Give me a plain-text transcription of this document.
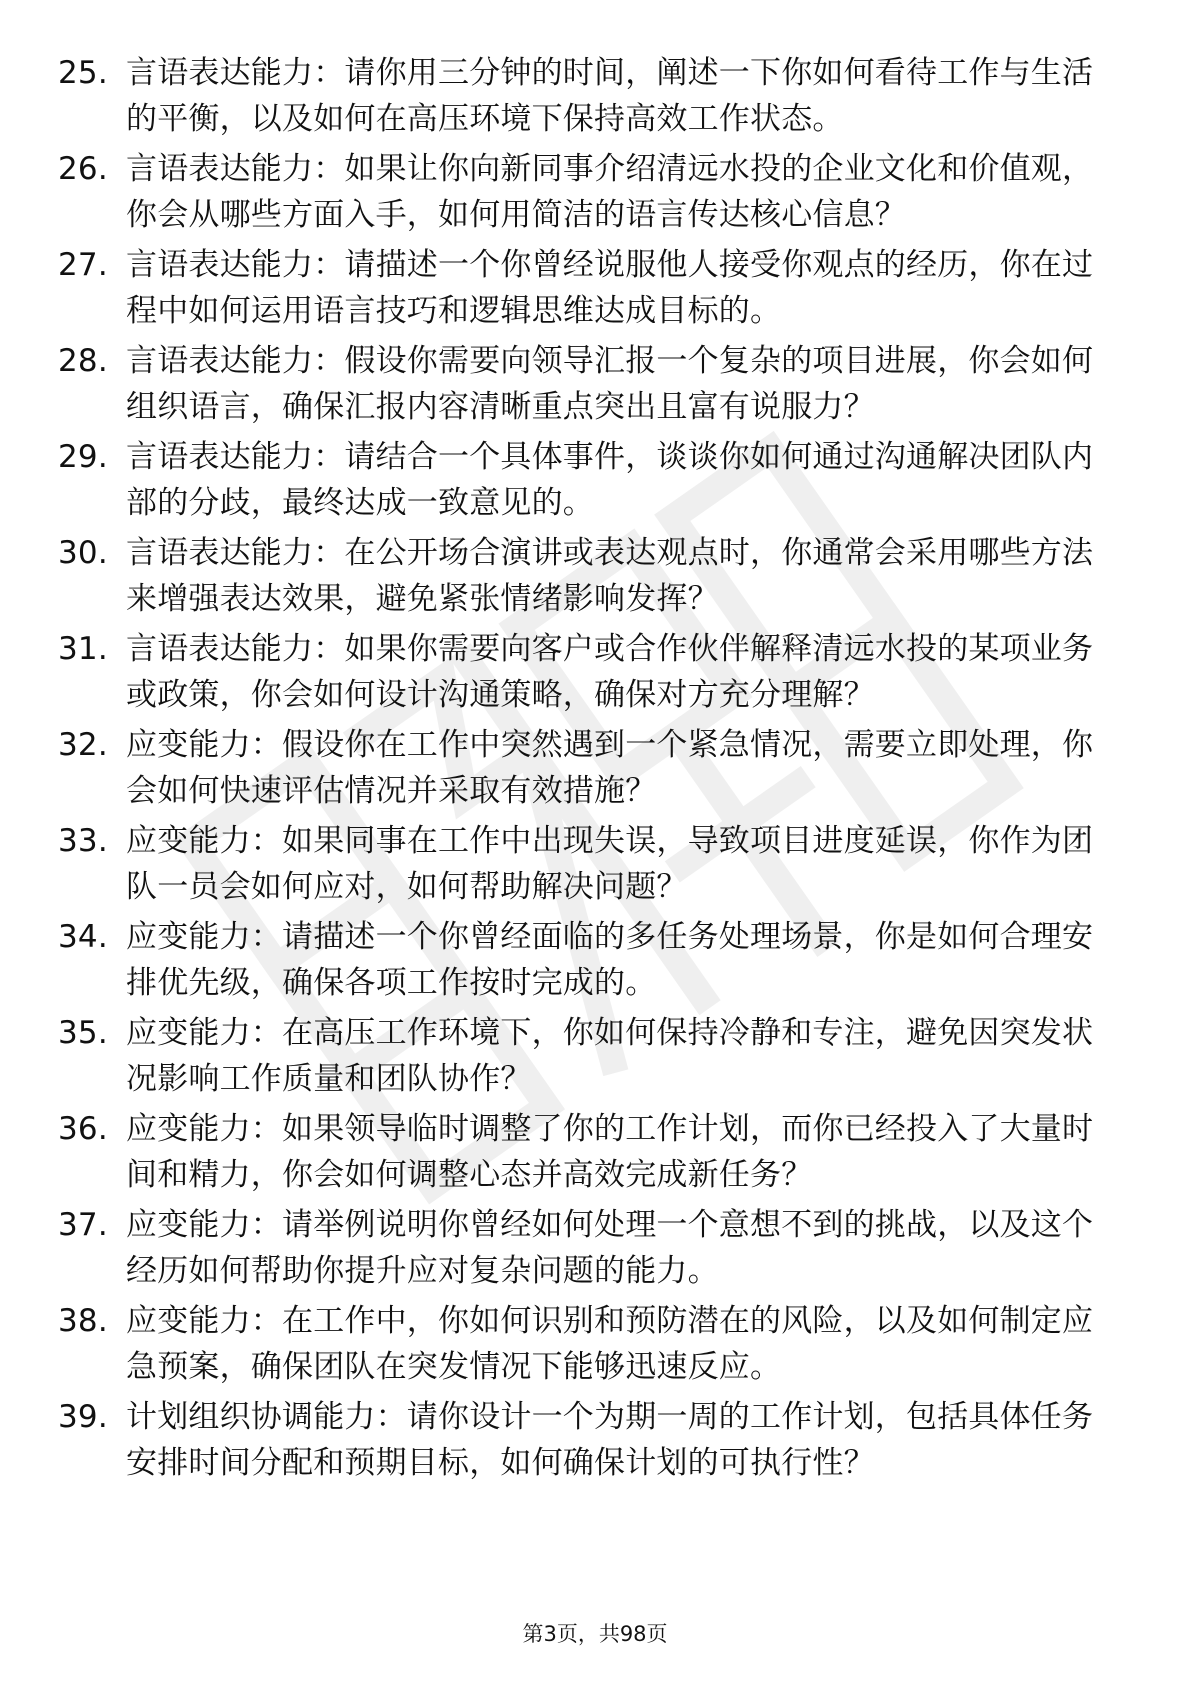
25. 言语表达能力：请你用三分钟的时间，阐述一下你如何看待工作与生活的平衡，以及如何在高压环境下保持高效工作状态。
26. 言语表达能力：如果让你向新同事介绍清远水投的企业文化和价值观，你会从哪些方面入手，如何用简洁的语言传达核心信息？
27. 言语表达能力：请描述一个你曾经说服他人接受你观点的经历，你在过程中如何运用语言技巧和逻辑思维达成目标的。
28. 言语表达能力：假设你需要向领导汇报一个复杂的项目进展，你会如何组织语言，确保汇报内容清晰重点突出且富有说服力？
29. 言语表达能力：请结合一个具体事件，谈谈你如何通过沟通解决团队内部的分歧，最终达成一致意见的。
30. 言语表达能力：在公开场合演讲或表达观点时，你通常会采用哪些方法来增强表达效果，避免紧张情绪影响发挥？
31. 言语表达能力：如果你需要向客户或合作伙伴解释清远水投的某项业务或政策，你会如何设计沟通策略，确保对方充分理解？
32. 应变能力：假设你在工作中突然遇到一个紧急情况，需要立即处理，你会如何快速评估情况并采取有效措施？
33. 应变能力：如果同事在工作中出现失误，导致项目进度延误，你作为团队一员会如何应对，如何帮助解决问题？
34. 应变能力：请描述一个你曾经面临的多任务处理场景，你是如何合理安排优先级，确保各项工作按时完成的。
35. 应变能力：在高压工作环境下，你如何保持冷静和专注，避免因突发状况影响工作质量和团队协作？
36. 应变能力：如果领导临时调整了你的工作计划，而你已经投入了大量时间和精力，你会如何调整心态并高效完成新任务？
37. 应变能力：请举例说明你曾经如何处理一个意想不到的挑战，以及这个经历如何帮助你提升应对复杂问题的能力。
38. 应变能力：在工作中，你如何识别和预防潜在的风险，以及如何制定应急预案，确保团队在突发情况下能够迅速反应。
39. 计划组织协调能力：请你设计一个为期一周的工作计划，包括具体任务安排时间分配和预期目标，如何确保计划的可执行性？
第3页，共98页
